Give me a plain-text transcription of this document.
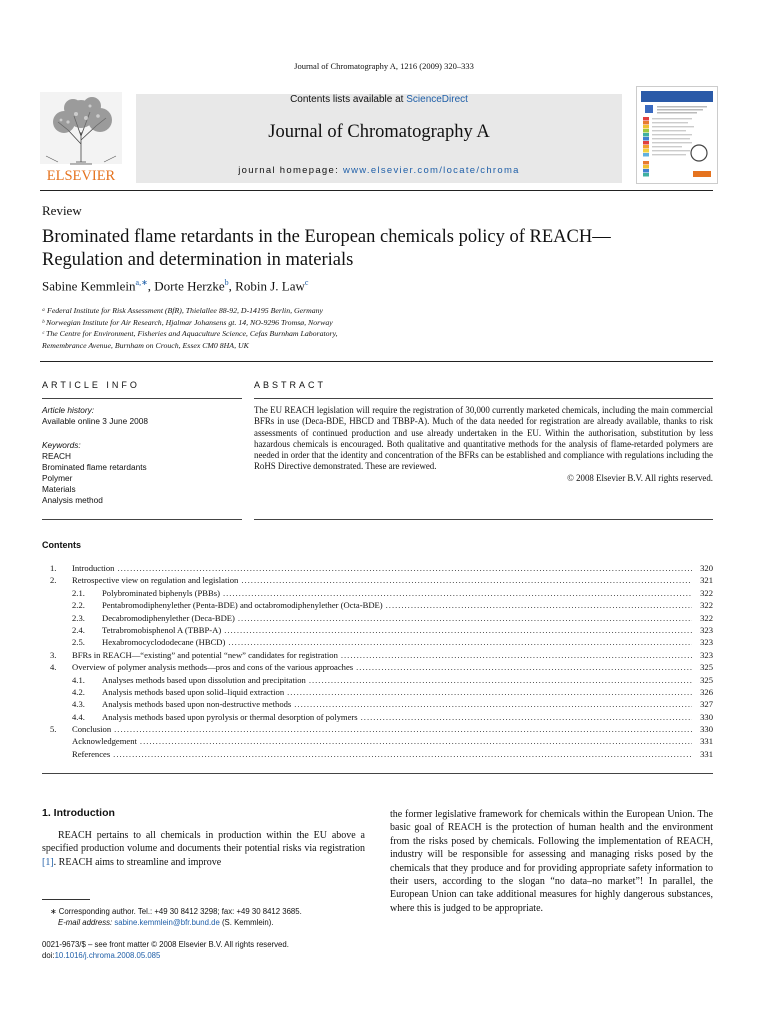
Journal of Chromatography A, 1216 (2009) 320–333
ELSEVIER
Contents lists available at ScienceDirect
Journal of Chromatography A
journal homepage: www.elsevier.com/locate/chroma
Review
Brominated flame retardants in the European chemicals policy of REACH—Regulation and determination in materials
Sabine Kemmlein$^{a,∗}$, Dorte Herzke$^b$, Robin J. Law$^c$
ᵃ Federal Institute for Risk Assessment (BfR), Thielallee 88-92, D-14195 Berlin, Germany
ᵇ Norwegian Institute for Air Research, Hjalmar Johansens gt. 14, NO-9296 Tromsø, Norway
ᶜ The Centre for Environment, Fisheries and Aquaculture Science, Cefas Burnham Laboratory,
Remembrance Avenue, Burnham on Crouch, Essex CM0 8HA, UK
ARTICLE INFO
Article history:
Available online 3 June 2008
Keywords:
REACH
Brominated flame retardants
Polymer
Materials
Analysis method
ABSTRACT
The EU REACH legislation will require the registration of 30,000 currently marketed chemicals, including the main commercial BFRs in use (Deca-BDE, HBCD and TBBP-A). Much of the data needed for registration are already available, thanks to risk assessments of continued production and use already undertaken in the EU. Within the authorisation, substitution by less hazardous chemicals is encouraged. Both qualitative and quantitative methods for the analysis of flame-retarded polymers are needed in order that the identity and concentration of the BFRs can be established and compliance with regulations including the RoHS Directive demonstrated. These are reviewed.
© 2008 Elsevier B.V. All rights reserved.
Contents
1.	Introduction .....	320
2.	Retrospective view on regulation and legislation .....	321
2.1.	Polybrominated biphenyls (PBBs) .....	322
2.2.	Pentabromodiphenylether (Penta-BDE) and octabromodiphenylether (Octa-BDE) .....	322
2.3.	Decabromodiphenylether (Deca-BDE) .....	322
2.4.	Tetrabromobisphenol A (TBBP-A) .....	323
2.5.	Hexabromocyclododecane (HBCD) .....	323
3.	BFRs in REACH—“existing” and potential “new” candidates for registration .....	323
4.	Overview of polymer analysis methods—pros and cons of the various approaches .....	325
4.1.	Analyses methods based upon dissolution and precipitation .....	325
4.2.	Analysis methods based upon solid–liquid extraction .....	326
4.3.	Analysis methods based upon non-destructive methods .....	327
4.4.	Analysis methods based upon pyrolysis or thermal desorption of polymers .....	330
5.	Conclusion .....	330
Acknowledgement .....	331
References .....	331
1. Introduction
REACH pertains to all chemicals in production within the EU above a specified production volume and documents their potential risks via registration [1]. REACH aims to streamline and improve
the former legislative framework for chemicals within the European Union. The basic goal of REACH is the protection of human health and the environment from the risks posed by chemicals. Following the implementation of REACH, industry will be responsible for assessing and managing risks posed by the chemicals that they produce and for providing appropriate safety information to their users, according to the slogan “no data–no market”! In parallel, the European Union can take additional measures for highly dangerous substances, where this is judged to be appropriate.
∗ Corresponding author. Tel.: +49 30 8412 3298; fax: +49 30 8412 3685.
E-mail address: sabine.kemmlein@bfr.bund.de (S. Kemmlein).
0021-9673/$ – see front matter © 2008 Elsevier B.V. All rights reserved.
doi:10.1016/j.chroma.2008.05.085
